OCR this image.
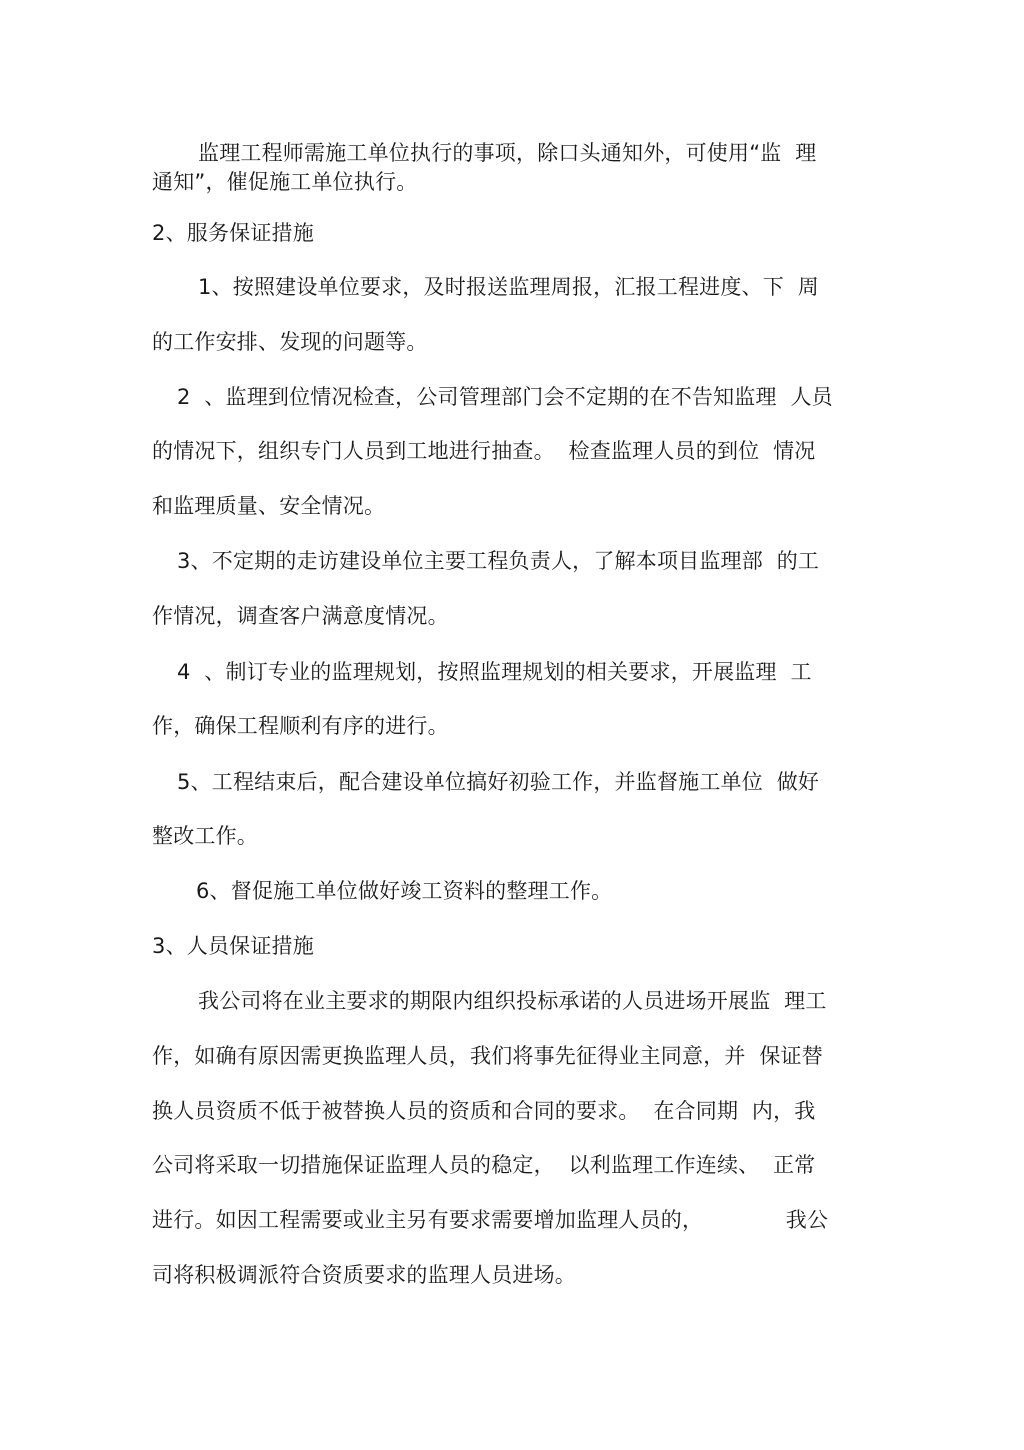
监理工程师需施工单位执行的事项，除口头通知外，可使用“监  理
通知”，催促施工单位执行。
2、服务保证措施
1、按照建设单位要求，及时报送监理周报，汇报工程进度、下  周
的工作安排、发现的问题等。
2  、监理到位情况检查，公司管理部门会不定期的在不告知监理  人员
的情况下，组织专门人员到工地进行抽查。  检查监理人员的到位  情况
和监理质量、安全情况。
3、不定期的走访建设单位主要工程负责人，了解本项目监理部  的工
作情况，调查客户满意度情况。
4  、制订专业的监理规划，按照监理规划的相关要求，开展监理  工
作，确保工程顺利有序的进行。
5、工程结束后，配合建设单位搞好初验工作，并监督施工单位  做好
整改工作。
6、督促施工单位做好竣工资料的整理工作。
3、人员保证措施
我公司将在业主要求的期限内组织投标承诺的人员进场开展监  理工
作，如确有原因需更换监理人员，我们将事先征得业主同意，并  保证替
换人员资质不低于被替换人员的资质和合同的要求。  在合同期  内，我
公司将采取一切措施保证监理人员的稳定，  以利监理工作连续、  正常
进行。如因工程需要或业主另有要求需要增加监理人员的，            我公
司将积极调派符合资质要求的监理人员进场。
